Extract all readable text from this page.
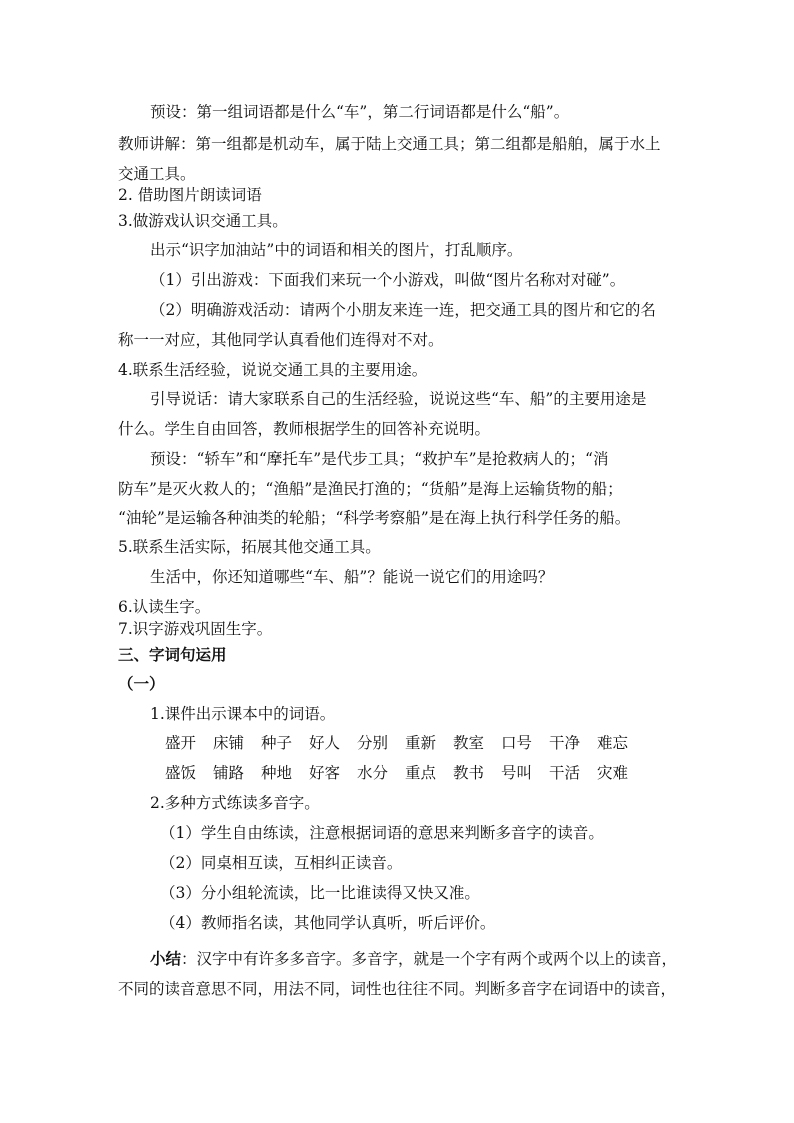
预设：第一组词语都是什么“车”，第二行词语都是什么“船”。
教师讲解：第一组都是机动车，属于陆上交通工具；第二组都是船舶，属于水上
交通工具。
2. 借助图片朗读词语
3.做游戏认识交通工具。
出示“识字加油站”中的词语和相关的图片，打乱顺序。
（1）引出游戏：下面我们来玩一个小游戏，叫做“图片名称对对碰”。
（2）明确游戏活动：请两个小朋友来连一连，把交通工具的图片和它的名
称一一对应，其他同学认真看他们连得对不对。
4.联系生活经验，说说交通工具的主要用途。
引导说话：请大家联系自己的生活经验，说说这些“车、船”的主要用途是
什么。学生自由回答，教师根据学生的回答补充说明。
预设：“轿车”和“摩托车”是代步工具；“救护车”是抢救病人的；“消
防车”是灭火救人的；“渔船”是渔民打渔的；“货船”是海上运输货物的船；
“油轮”是运输各种油类的轮船；“科学考察船”是在海上执行科学任务的船。
5.联系生活实际，拓展其他交通工具。
生活中，你还知道哪些“车、船”？能说一说它们的用途吗？
6.认读生字。
7.识字游戏巩固生字。
三、字词句运用
（一）
1.课件出示课本中的词语。
盛开 床铺 种子 好人 分别 重新 教室 口号 干净 难忘
盛饭 铺路 种地 好客 水分 重点 教书 号叫 干活 灾难
2.多种方式练读多音字。
（1）学生自由练读，注意根据词语的意思来判断多音字的读音。
（2）同桌相互读，互相纠正读音。
（3）分小组轮流读，比一比谁读得又快又准。
（4）教师指名读，其他同学认真听，听后评价。
小结：汉字中有许多多音字。多音字，就是一个字有两个或两个以上的读音，
不同的读音意思不同，用法不同，词性也往往不同。判断多音字在词语中的读音，
